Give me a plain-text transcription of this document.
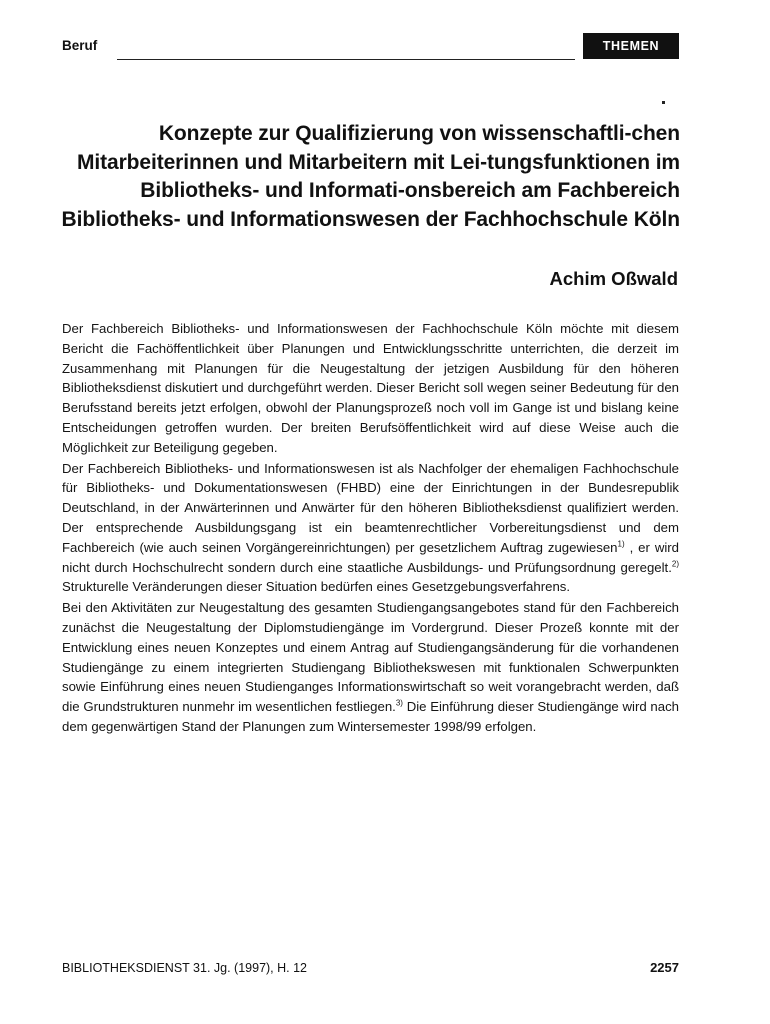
Beruf	THEMEN
Konzepte zur Qualifizierung von wissenschaftli-chen Mitarbeiterinnen und Mitarbeitern mit Lei-tungsfunktionen im Bibliotheks- und Informati-onsbereich am Fachbereich Bibliotheks- und Informationswesen der Fachhochschule Köln
Achim Oßwald

Der Fachbereich Bibliotheks- und Informationswesen der Fachhochschule Köln möchte mit diesem Bericht die Fachöffentlichkeit über Planungen und Entwicklungsschritte unterrichten, die derzeit im Zusammenhang mit Planungen für die Neugestaltung der jetzigen Ausbildung für den höheren Bibliotheksdienst diskutiert und durchgeführt werden. Dieser Bericht soll wegen seiner Bedeutung für den Berufsstand bereits jetzt erfolgen, obwohl der Planungsprozeß noch voll im Gange ist und bislang keine Entscheidungen getroffen wurden. Der breiten Berufsöffentlichkeit wird auf diese Weise auch die Möglichkeit zur Beteiligung gegeben.

Der Fachbereich Bibliotheks- und Informationswesen ist als Nachfolger der ehemaligen Fachhochschule für Bibliotheks- und Dokumentationswesen (FHBD) eine der Einrichtungen in der Bundesrepublik Deutschland, in der Anwärterinnen und Anwärter für den höheren Bibliotheksdienst qualifiziert werden. Der entsprechende Ausbildungsgang ist ein beamtenrechtlicher Vorbereitungsdienst und dem Fachbereich (wie auch seinen Vorgängereinrichtungen) per gesetzlichem Auftrag zugewiesen$^{1)}$ , er wird nicht durch Hochschulrecht sondern durch eine staatliche Ausbildungs- und Prüfungsordnung geregelt.$^{2)}$ Strukturelle Veränderungen dieser Situation bedürfen eines Gesetzgebungsverfahrens.

Bei den Aktivitäten zur Neugestaltung des gesamten Studiengangsangebotes stand für den Fachbereich zunächst die Neugestaltung der Diplomstudiengänge im Vordergrund. Dieser Prozeß konnte mit der Entwicklung eines neuen Konzeptes und einem Antrag auf Studiengangsänderung für die vorhandenen Studiengänge zu einem integrierten Studiengang Bibliothekswesen mit funktionalen Schwerpunkten sowie Einführung eines neuen Studienganges Informationswirtschaft so weit vorangebracht werden, daß die Grundstrukturen nunmehr im wesentlichen festliegen.$^{3)}$ Die Einführung dieser Studiengänge wird nach dem gegenwärtigen Stand der Planungen zum Wintersemester 1998/99 erfolgen.

BIBLIOTHEKSDIENST 31. Jg. (1997), H. 12	2257
